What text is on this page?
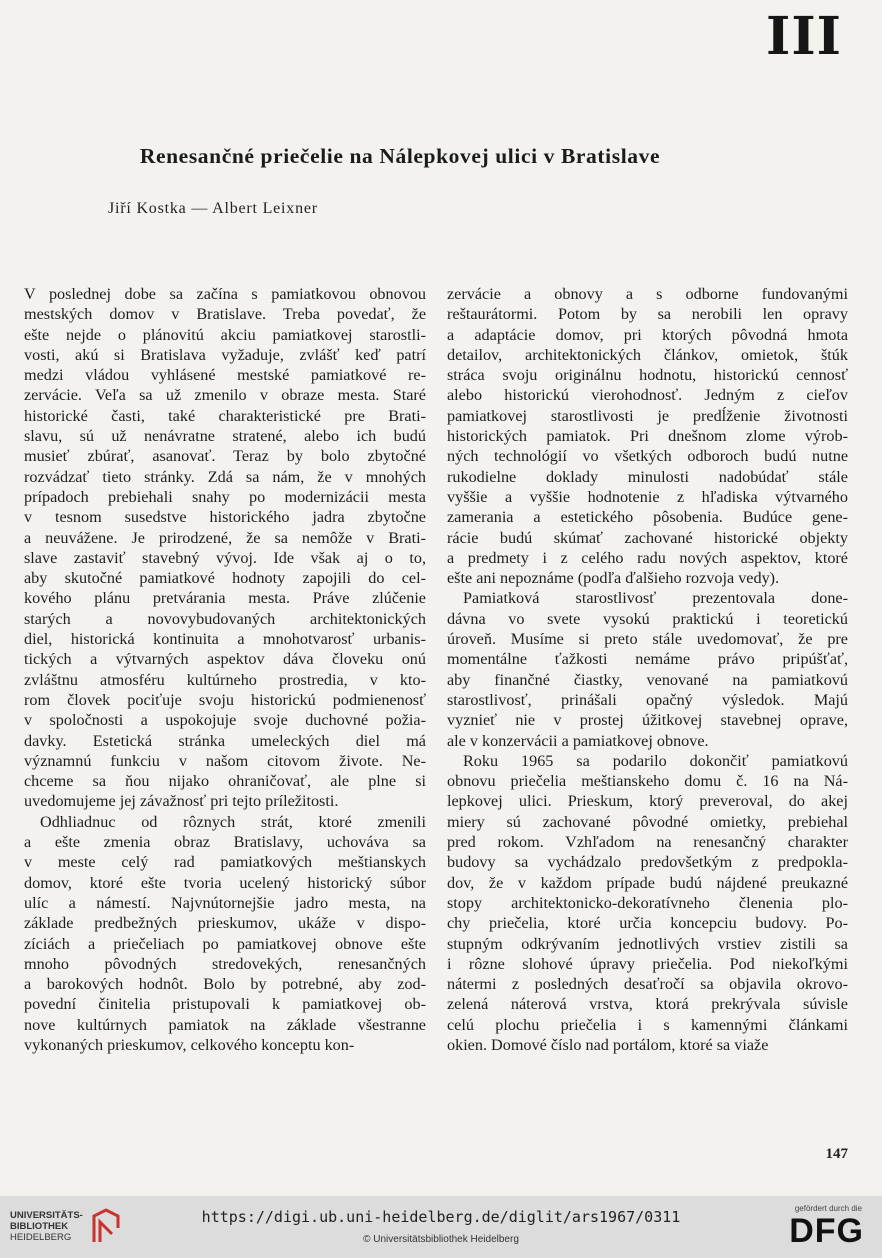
III
Renesančné priečelie na Nálepkovej ulici v Bratislave
Jiří Kostka — Albert Leixner
V poslednej dobe sa začína s pamiatkovou obnovou
mestských domov v Bratislave. Treba povedať, že
ešte nejde o plánovitú akciu pamiatkovej starostli-
vosti, akú si Bratislava vyžaduje, zvlášť keď patrí
medzi vládou vyhlásené mestské pamiatkové re-
zervácie. Veľa sa už zmenilo v obraze mesta. Staré
historické časti, také charakteristické pre Brati-
slavu, sú už nenávratne stratené, alebo ich budú
musieť zbúrať, asanovať. Teraz by bolo zbytočné
rozvádzať tieto stránky. Zdá sa nám, že v mnohých
prípadoch prebiehali snahy po modernizácii mesta
v tesnom susedstve historického jadra zbytočne
a neuvážene. Je prirodzené, že sa nemôže v Brati-
slave zastaviť stavebný vývoj. Ide však aj o to,
aby skutočné pamiatkové hodnoty zapojili do cel-
kového plánu pretvárania mesta. Práve zlúčenie
starých a novovybudovaných architektonických
diel, historická kontinuita a mnohotvarosť urbanis-
tických a výtvarných aspektov dáva človeku onú
zvláštnu atmosféru kultúrneho prostredia, v kto-
rom človek pociťuje svoju historickú podmienenosť
v spoločnosti a uspokojuje svoje duchovné požia-
davky. Estetická stránka umeleckých diel má
významnú funkciu v našom citovom živote. Ne-
chceme sa ňou nijako ohraničovať, ale plne si
uvedomujeme jej závažnosť pri tejto príležitosti.
Odhliadnuc od rôznych strát, ktoré zmenili
a ešte zmenia obraz Bratislavy, uchováva sa
v meste celý rad pamiatkových meštianskych
domov, ktoré ešte tvoria ucelený historický súbor
ulíc a námestí. Najvnútornejšie jadro mesta, na
základe predbežných prieskumov, ukáže v dispo-
zíciách a priečeliach po pamiatkovej obnove ešte
mnoho pôvodných stredovekých, renesančných
a barokových hodnôt. Bolo by potrebné, aby zod-
povední činitelia pristupovali k pamiatkovej ob-
nove kultúrnych pamiatok na základe všestranne
vykonaných prieskumov, celkového konceptu kon-
zervácie a obnovy a s odborne fundovanými
reštaurátormi. Potom by sa nerobili len opravy
a adaptácie domov, pri ktorých pôvodná hmota
detailov, architektonických článkov, omietok, štúk
stráca svoju originálnu hodnotu, historickú cennosť
alebo historickú vierohodnosť. Jedným z cieľov
pamiatkovej starostlivosti je predĺženie životnosti
historických pamiatok. Pri dnešnom zlome výrob-
ných technológií vo všetkých odboroch budú nutne
rukodielne doklady minulosti nadobúdať stále
vyššie a vyššie hodnotenie z hľadiska výtvarného
zamerania a estetického pôsobenia. Budúce gene-
rácie budú skúmať zachované historické objekty
a predmety i z celého radu nových aspektov, ktoré
ešte ani nepoznáme (podľa ďalšieho rozvoja vedy).
Pamiatková starostlivosť prezentovala done-
dávna vo svete vysokú praktickú i teoretickú
úroveň. Musíme si preto stále uvedomovať, že pre
momentálne ťažkosti nemáme právo pripúšťať,
aby finančné čiastky, venované na pamiatkovú
starostlivosť, prinášali opačný výsledok. Majú
vyznieť nie v prostej úžitkovej stavebnej oprave,
ale v konzervácii a pamiatkovej obnove.
Roku 1965 sa podarilo dokončiť pamiatkovú
obnovu priečelia meštianskeho domu č. 16 na Ná-
lepkovej ulici. Prieskum, ktorý preveroval, do akej
miery sú zachované pôvodné omietky, prebiehal
pred rokom. Vzhľadom na renesančný charakter
budovy sa vychádzalo predovšetkým z predpokla-
dov, že v každom prípade budú nájdené preukazné
stopy architektonicko-dekoratívneho členenia plo-
chy priečelia, ktoré určia koncepciu budovy. Po-
stupným odkrývaním jednotlivých vrstiev zistili sa
i rôzne slohové úpravy priečelia. Pod niekoľkými
nátermi z posledných desaťročí sa objavila okrovo-
zelená náterová vrstva, ktorá prekrývala súvisle
celú plochu priečelia i s kamennými článkami
okien. Domové číslo nad portálom, ktoré sa viaže
147
UNIVERSITÄTS-
BIBLIOTHEK
HEIDELBERG
https://digi.ub.uni-heidelberg.de/diglit/ars1967/0311
© Universitätsbibliothek Heidelberg
gefördert durch die
DFG
